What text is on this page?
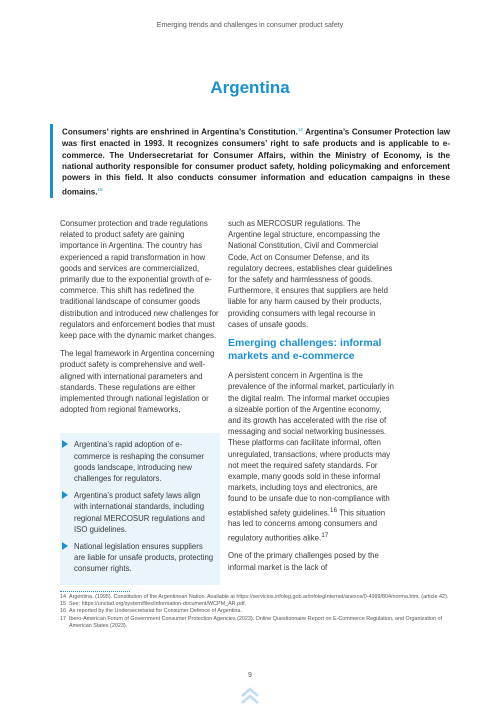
Emerging trends and challenges in consumer product safety
Argentina
Consumers’ rights are enshrined in Argentina’s Constitution.$^{14}$ Argentina’s Consumer Protection law was first enacted in 1993. It recognizes consumers’ right to safe products and is applicable to e-commerce. The Undersecretariat for Consumer Affairs, within the Ministry of Economy, is the national authority responsible for consumer product safety, holding policymaking and enforcement powers in this field. It also conducts consumer information and education campaigns in these domains.$^{15}$

Consumer protection and trade regulations related to product safety are gaining importance in Argentina. The country has experienced a rapid transformation in how goods and services are commercialized, primarily due to the exponential growth of e-commerce. This shift has redefined the traditional landscape of consumer goods distribution and introduced new challenges for regulators and enforcement bodies that must keep pace with the dynamic market changes.

The legal framework in Argentina concerning product safety is comprehensive and well-aligned with international parameters and standards. These regulations are either implemented through national legislation or adopted from regional frameworks,

Argentina’s rapid adoption of e-commerce is reshaping the consumer goods landscape, introducing new challenges for regulators.
Argentina’s product safety laws align with international standards, including regional MERCOSUR regulations and ISO guidelines.
National legislation ensures suppliers are liable for unsafe products, protecting consumer rights.

such as MERCOSUR regulations. The Argentine legal structure, encompassing the National Constitution, Civil and Commercial Code, Act on Consumer Defense, and its regulatory decrees, establishes clear guidelines for the safety and harmlessness of goods. Furthermore, it ensures that suppliers are held liable for any harm caused by their products, providing consumers with legal recourse in cases of unsafe goods.

Emerging challenges: informal markets and e-commerce

A persistent concern in Argentina is the prevalence of the informal market, particularly in the digital realm. The informal market occupies a sizeable portion of the Argentine economy, and its growth has accelerated with the rise of messaging and social networking businesses. These platforms can facilitate informal, often unregulated, transactions, where products may not meet the required safety standards. For example, many goods sold in these informal markets, including toys and electronics, are found to be unsafe due to non-compliance with established safety guidelines.$^{16}$ This situation has led to concerns among consumers and regulatory authorities alike.$^{17}$

One of the primary challenges posed by the informal market is the lack of

14 Argentina. (1995). Constitution of the Argentinean Nation. Available at https://servicios.infoleg.gob.ar/infolegInternet/anexos/0-4999/804/norma.htm. (article 42).
15 See: https://unctad.org/system/files/information-document/WCPM_AR.pdf.
16 As reported by the Undersecretariat for Consumer Defence of Argentina.
17 Ibero-American Forum of Government Consumer Protection Agencies (2023). Online Questionnaire Report on E-Commerce Regulation, and Organization of American States (2023).
9
